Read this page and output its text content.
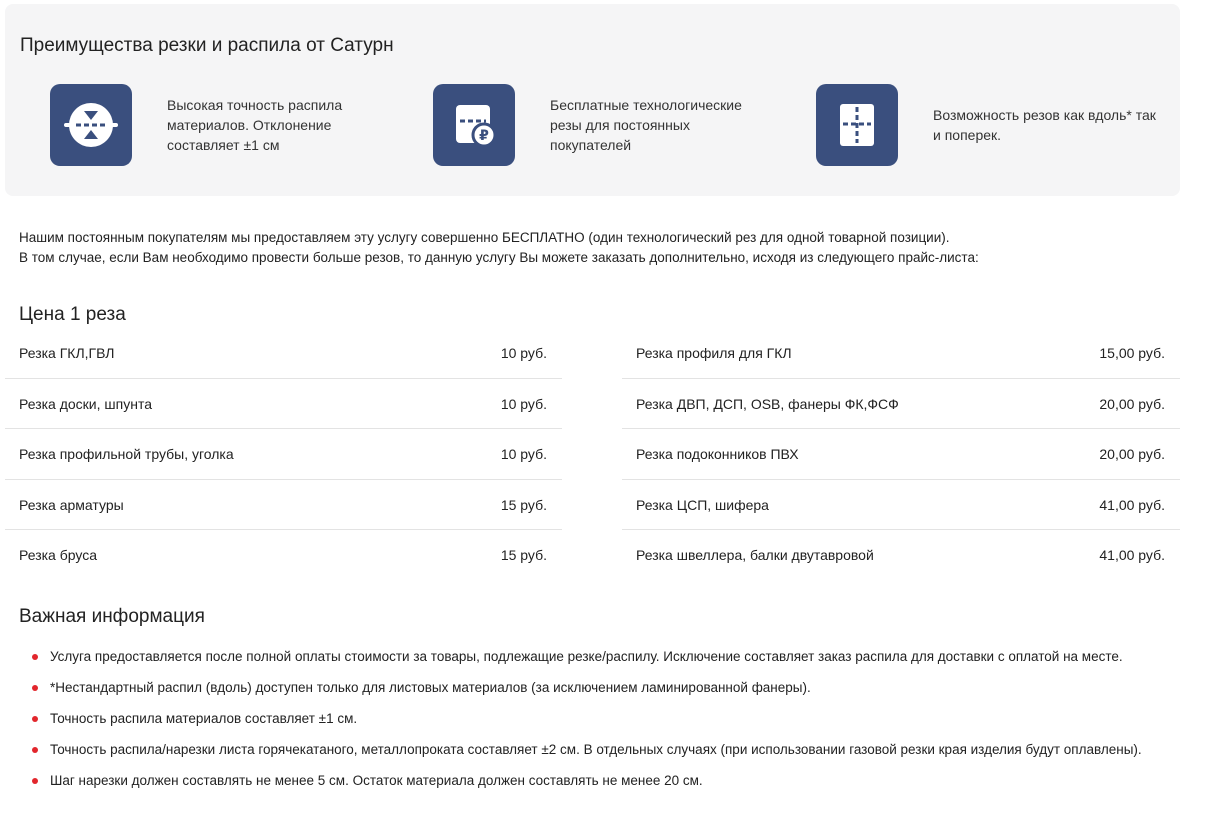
Преимущества резки и распила от Сатурн
Высокая точность распила материалов. Отклонение составляет ±1 см
₽
Бесплатные технологические резы для постоянных покупателей
Возможность резов как вдоль* так и поперек.
Нашим постоянным покупателям мы предоставляем эту услугу совершенно БЕСПЛАТНО (один технологический рез для одной товарной позиции).
В том случае, если Вам необходимо провести больше резов, то данную услугу Вы можете заказать дополнительно, исходя из следующего прайс-листа:
Цена 1 реза
Резка ГКЛ,ГВЛ	10 руб.
Резка доски, шпунта	10 руб.
Резка профильной трубы, уголка	10 руб.
Резка арматуры	15 руб.
Резка бруса	15 руб.
Резка профиля для ГКЛ	15,00 руб.
Резка ДВП, ДСП, OSB, фанеры ФК,ФСФ	20,00 руб.
Резка подоконников ПВХ	20,00 руб.
Резка ЦСП, шифера	41,00 руб.
Резка швеллера, балки двутавровой	41,00 руб.
Важная информация
Услуга предоставляется после полной оплаты стоимости за товары, подлежащие резке/распилу. Исключение составляет заказ распила для доставки с оплатой на месте.
*Нестандартный распил (вдоль) доступен только для листовых материалов (за исключением ламинированной фанеры).
Точность распила материалов составляет ±1 см.
Точность распила/нарезки листа горячекатаного, металлопроката составляет ±2 см. В отдельных случаях (при использовании газовой резки края изделия будут оплавлены).
Шаг нарезки должен составлять не менее 5 см. Остаток материала должен составлять не менее 20 см.
